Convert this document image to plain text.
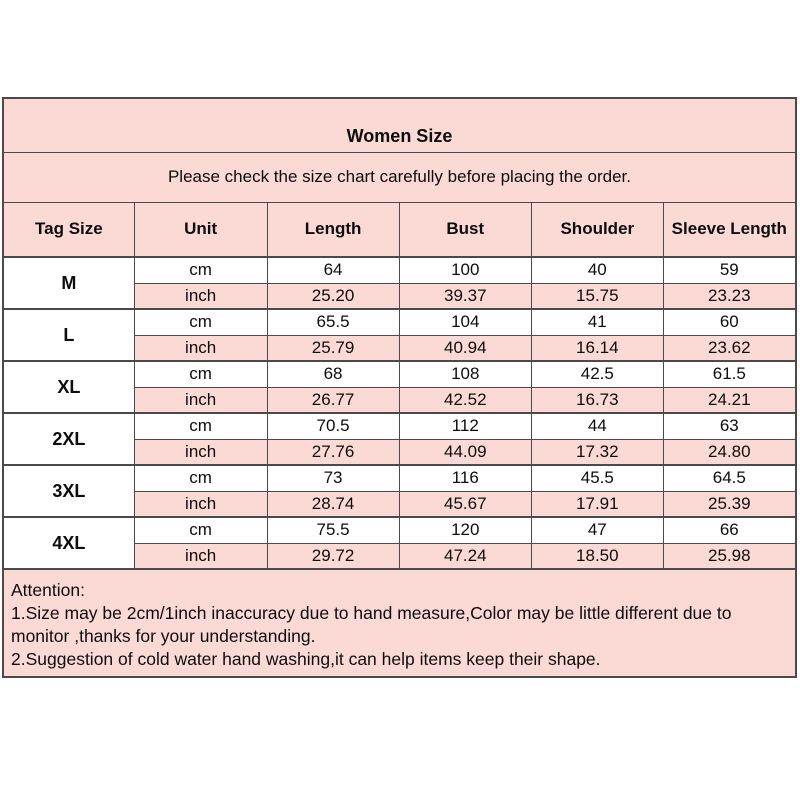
Women Size					
Please check the size chart carefully before placing the order.					
Tag Size	Unit	Length	Bust	Shoulder	Sleeve Length
M	cm	64	100	40	59
	inch	25.20	39.37	15.75	23.23
L	cm	65.5	104	41	60
	inch	25.79	40.94	16.14	23.62
XL	cm	68	108	42.5	61.5
	inch	26.77	42.52	16.73	24.21
2XL	cm	70.5	112	44	63
	inch	27.76	44.09	17.32	24.80
3XL	cm	73	116	45.5	64.5
	inch	28.74	45.67	17.91	25.39
4XL	cm	75.5	120	47	66
	inch	29.72	47.24	18.50	25.98

Attention:
1.Size may be 2cm/1inch inaccuracy due to hand measure,Color may be little different due to
monitor ,thanks for your understanding.
2.Suggestion of cold water hand washing,it can help items keep their shape.					
